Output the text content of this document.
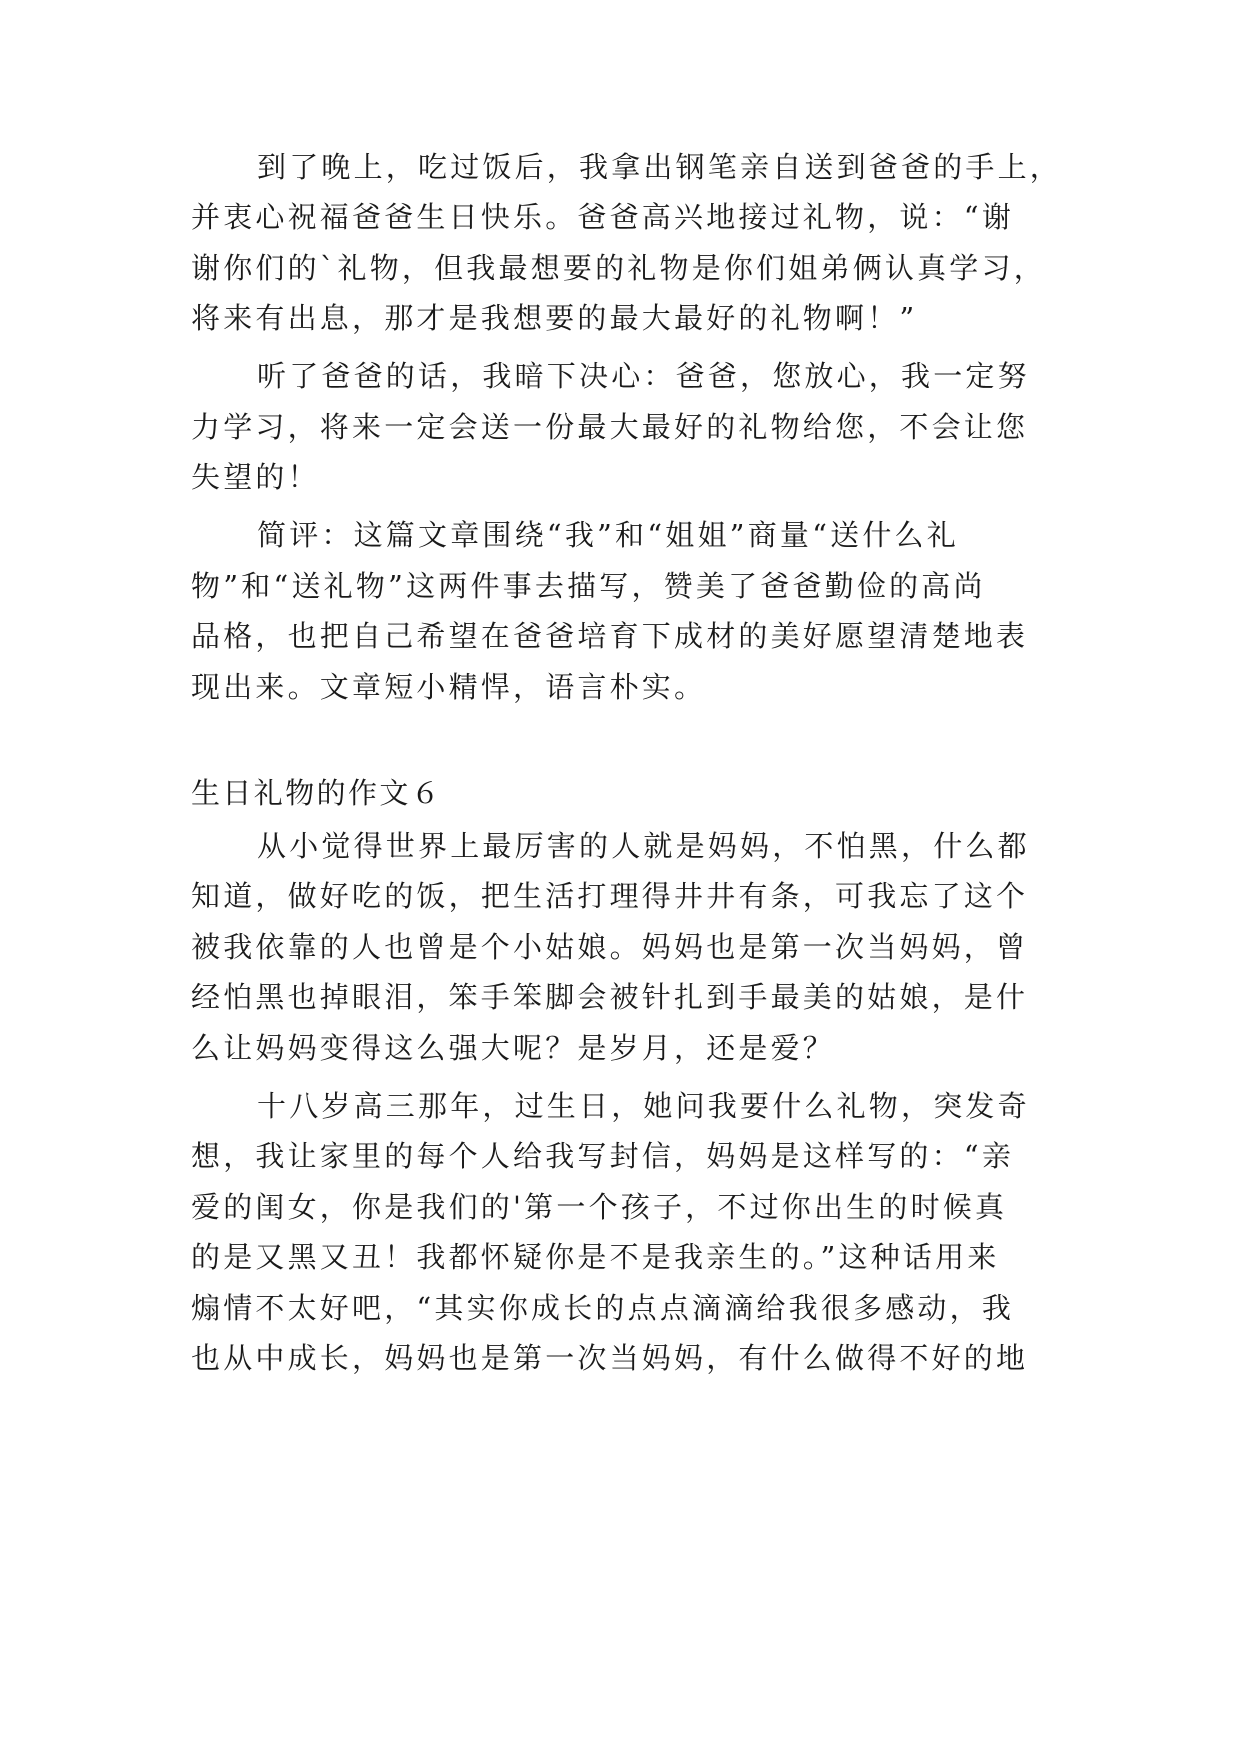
到了晚上，吃过饭后，我拿出钢笔亲自送到爸爸的手上，
并衷心祝福爸爸生日快乐。爸爸高兴地接过礼物，说：“谢
谢你们的`礼物，但我最想要的礼物是你们姐弟俩认真学习，
将来有出息，那才是我想要的最大最好的礼物啊！”
听了爸爸的话，我暗下决心：爸爸，您放心，我一定努
力学习，将来一定会送一份最大最好的礼物给您，不会让您
失望的！
简评：这篇文章围绕“我”和“姐姐”商量“送什么礼
物”和“送礼物”这两件事去描写，赞美了爸爸勤俭的高尚
品格，也把自己希望在爸爸培育下成材的美好愿望清楚地表
现出来。文章短小精悍，语言朴实。
生日礼物的作文６
从小觉得世界上最厉害的人就是妈妈，不怕黑，什么都
知道，做好吃的饭，把生活打理得井井有条，可我忘了这个
被我依靠的人也曾是个小姑娘。妈妈也是第一次当妈妈，曾
经怕黑也掉眼泪，笨手笨脚会被针扎到手最美的姑娘，是什
么让妈妈变得这么强大呢？是岁月，还是爱？
十八岁高三那年，过生日，她问我要什么礼物，突发奇
想，我让家里的每个人给我写封信，妈妈是这样写的：“亲
爱的闺女，你是我们的'第一个孩子，不过你出生的时候真
的是又黑又丑！我都怀疑你是不是我亲生的。”这种话用来
煽情不太好吧，“其实你成长的点点滴滴给我很多感动，我
也从中成长，妈妈也是第一次当妈妈，有什么做得不好的地
